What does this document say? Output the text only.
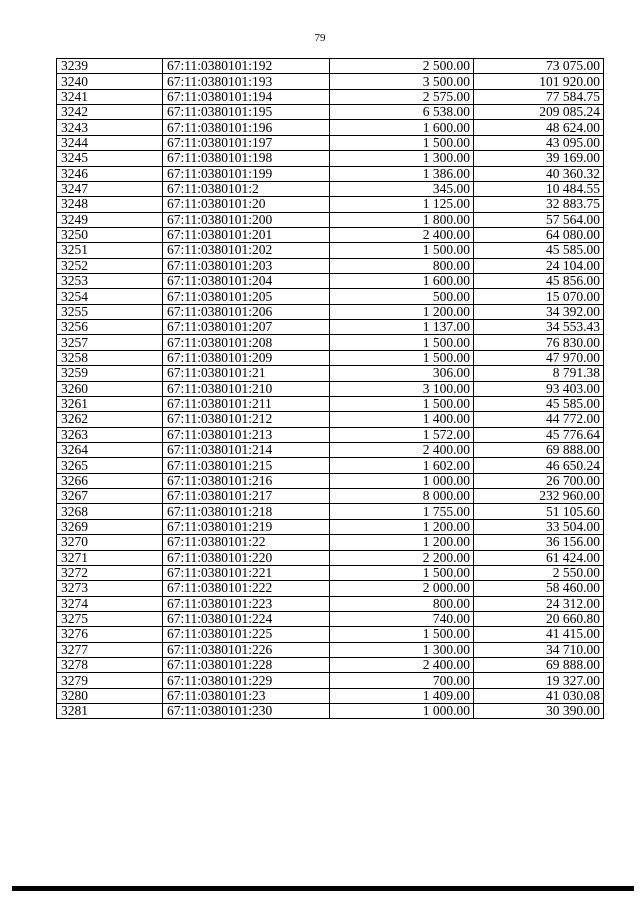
79
3239	67:11:0380101:192	2 500.00	73 075.00
3240	67:11:0380101:193	3 500.00	101 920.00
3241	67:11:0380101:194	2 575.00	77 584.75
3242	67:11:0380101:195	6 538.00	209 085.24
3243	67:11:0380101:196	1 600.00	48 624.00
3244	67:11:0380101:197	1 500.00	43 095.00
3245	67:11:0380101:198	1 300.00	39 169.00
3246	67:11:0380101:199	1 386.00	40 360.32
3247	67:11:0380101:2	345.00	10 484.55
3248	67:11:0380101:20	1 125.00	32 883.75
3249	67:11:0380101:200	1 800.00	57 564.00
3250	67:11:0380101:201	2 400.00	64 080.00
3251	67:11:0380101:202	1 500.00	45 585.00
3252	67:11:0380101:203	800.00	24 104.00
3253	67:11:0380101:204	1 600.00	45 856.00
3254	67:11:0380101:205	500.00	15 070.00
3255	67:11:0380101:206	1 200.00	34 392.00
3256	67:11:0380101:207	1 137.00	34 553.43
3257	67:11:0380101:208	1 500.00	76 830.00
3258	67:11:0380101:209	1 500.00	47 970.00
3259	67:11:0380101:21	306.00	8 791.38
3260	67:11:0380101:210	3 100.00	93 403.00
3261	67:11:0380101:211	1 500.00	45 585.00
3262	67:11:0380101:212	1 400.00	44 772.00
3263	67:11:0380101:213	1 572.00	45 776.64
3264	67:11:0380101:214	2 400.00	69 888.00
3265	67:11:0380101:215	1 602.00	46 650.24
3266	67:11:0380101:216	1 000.00	26 700.00
3267	67:11:0380101:217	8 000.00	232 960.00
3268	67:11:0380101:218	1 755.00	51 105.60
3269	67:11:0380101:219	1 200.00	33 504.00
3270	67:11:0380101:22	1 200.00	36 156.00
3271	67:11:0380101:220	2 200.00	61 424.00
3272	67:11:0380101:221	1 500.00	2 550.00
3273	67:11:0380101:222	2 000.00	58 460.00
3274	67:11:0380101:223	800.00	24 312.00
3275	67:11:0380101:224	740.00	20 660.80
3276	67:11:0380101:225	1 500.00	41 415.00
3277	67:11:0380101:226	1 300.00	34 710.00
3278	67:11:0380101:228	2 400.00	69 888.00
3279	67:11:0380101:229	700.00	19 327.00
3280	67:11:0380101:23	1 409.00	41 030.08
3281	67:11:0380101:230	1 000.00	30 390.00
